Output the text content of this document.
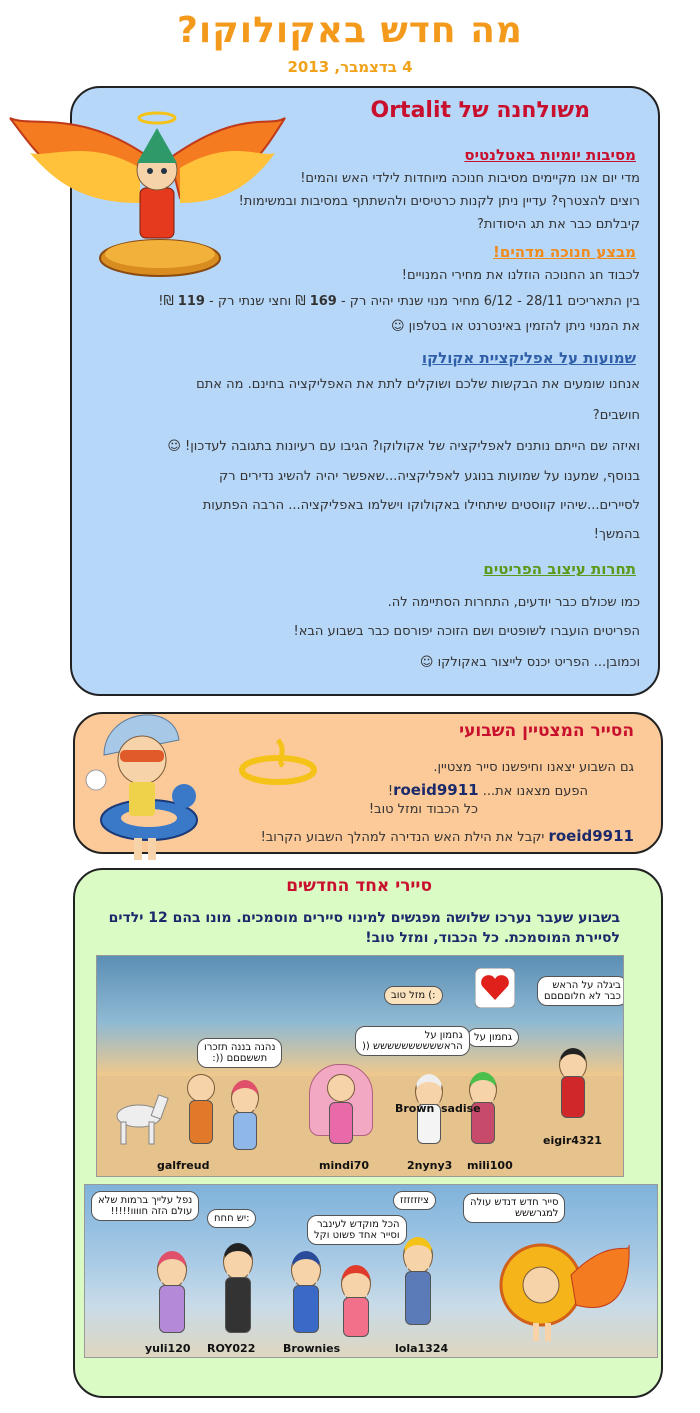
מה חדש באקולוקו?
4 בדצמבר, 2013
משולחנה של Ortalit
מסיבות יומיות באטלנטיס
מדי יום אנו מקיימים מסיבות חנוכה מיוחדות לילדי האש והמים!
רוצים להצטרף? עדיין ניתן לקנות כרטיסים ולהשתתף במסיבות ובמשימות!
קיבלתם כבר את תג היסודות?
מבצע חנוכה מדהים!
לכבוד חג החנוכה הוזלנו את מחירי המנויים!
בין התאריכים 28/11 - 6/12 מחיר מנוי שנתי יהיה רק - 169 ₪ וחצי שנתי רק - 119 ₪!
את המנוי ניתן להזמין באינטרנט או בטלפון ☺
שמועות על אפליקציית אקולקו
אנחנו שומעים את הבקשות שלכם ושוקלים לתת את האפליקציה בחינם. מה אתם
חושבים?
ואיזה שם הייתם נותנים לאפליקציה של אקולוקו? הגיבו עם רעיונות בתגובה לעדכון! ☺
בנוסף, שמענו על שמועות בנוגע לאפליקציה...שאפשר יהיה להשיג נדירים רק
לסיירים...שיהיו קווסטים שיתחילו באקולוקו וישלמו באפליקציה... הרבה הפתעות
בהמשך!
תחרות עיצוב הפריטים
כמו שכולם כבר יודעים, התחרות הסתיימה לה.
הפריטים הועברו לשופטים ושם הזוכה יפורסם כבר בשבוע הבא!
וכמובן... הפריט יכנס לייצור באקולקו ☺
הסייר המצטיין השבועי
גם השבוע יצאנו וחיפשנו סייר מצטיין.
הפעם מצאנו את... roeid9911!
כל הכבוד ומזל טוב!
roeid9911 יקבל את הילת האש הנדירה למהלך השבוע הקרוב!
סיירי אחד החדשים
בשבוע שעבר נערכו שלושה מפגשים למינוי סיירים מוסמכים. מונו בהם 12 ילדים
לסיירת המוסמכת. כל הכבוד, ומזל טוב!
:) מזל טוב
ביגלה על הראש
כבר לא חלוםםםם
גחמון על
גחמון על
הראשששששששששש ((
נהנה בננה תזכרו
תששםםם ((:
galfreud	mindi70	2nyny3 mili100
eigir4321
Brown sadise
נפל עלייך ברמות שלא
עולם הזה חוווו!!!!!
:יש חחח
ציזזזזזז
הכל מוקדש לעינבר
וסייר אחד פשוט וקל
סייר חדש דנדש עולה
למגרששש
yuli120 ROY022	Brownies	lola1324
